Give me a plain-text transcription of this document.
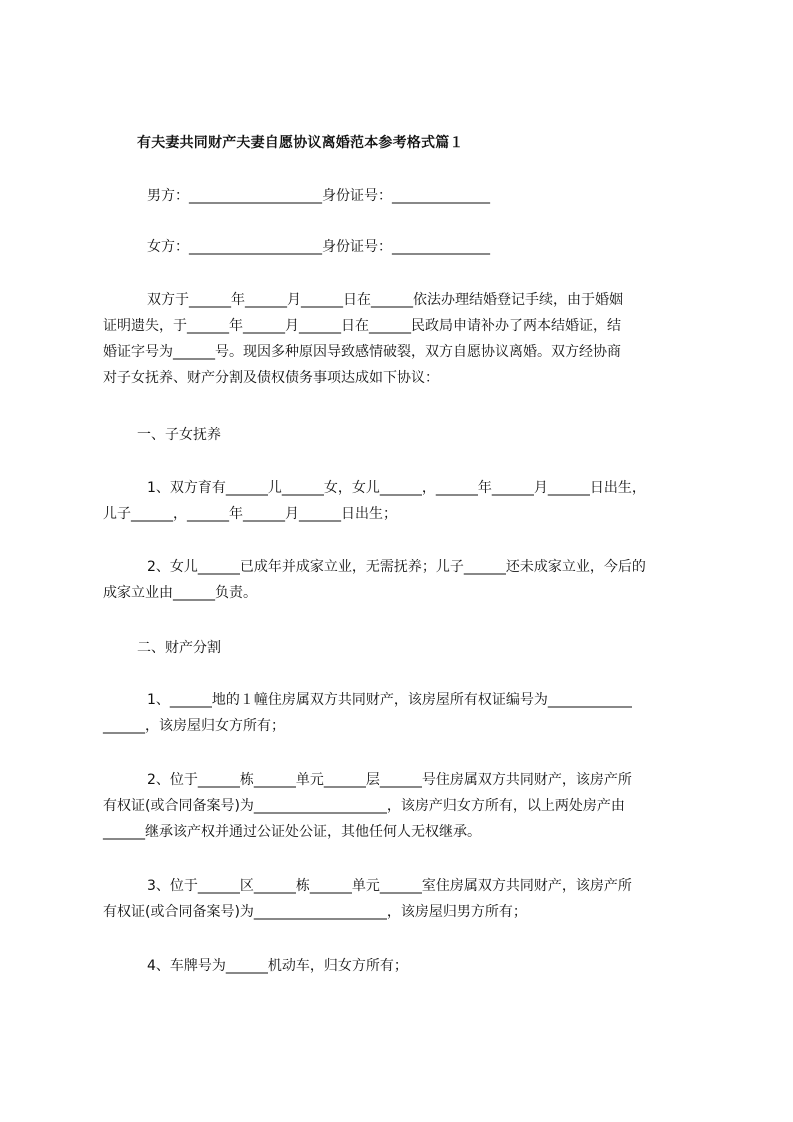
有夫妻共同财产夫妻自愿协议离婚范本参考格式篇１
男方：___________________身份证号：______________
女方：___________________身份证号：______________
双方于______年______月______日在______依法办理结婚登记手续，由于婚姻
证明遗失，于______年______月______日在______民政局申请补办了两本结婚证，结
婚证字号为______号。现因多种原因导致感情破裂，双方自愿协议离婚。双方经协商
对子女抚养、财产分割及债权债务事项达成如下协议：
一、子女抚养
1、双方育有______儿______女，女儿______，______年______月______日出生，
儿子______，______年______月______日出生；
2、女儿______已成年并成家立业，无需抚养；儿子______还未成家立业，今后的
成家立业由______负责。
二、财产分割
1、______地的１幢住房属双方共同财产，该房屋所有权证编号为____________
______，该房屋归女方所有；
2、位于______栋______单元______层______号住房属双方共同财产，该房产所
有权证(或合同备案号)为___________________，该房产归女方所有，以上两处房产由
______继承该产权并通过公证处公证，其他任何人无权继承。
3、位于______区______栋______单元______室住房属双方共同财产，该房产所
有权证(或合同备案号)为___________________，该房屋归男方所有；
4、车牌号为______机动车，归女方所有；
